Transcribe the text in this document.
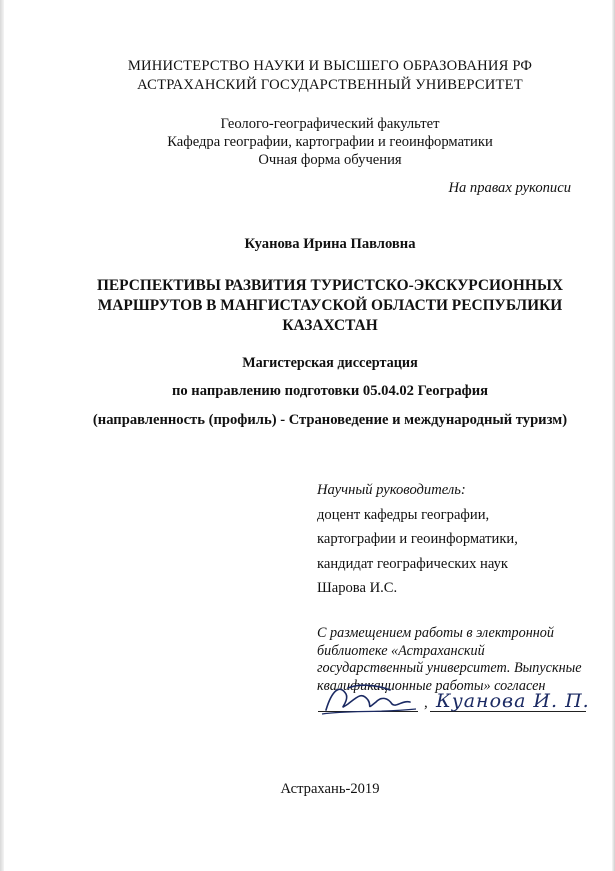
МИНИСТЕРСТВО НАУКИ И ВЫСШЕГО ОБРАЗОВАНИЯ РФ
АСТРАХАНСКИЙ ГОСУДАРСТВЕННЫЙ УНИВЕРСИТЕТ
Геолого-географический факультет
Кафедра географии, картографии и геоинформатики
Очная форма обучения
На правах рукописи
Куанова Ирина Павловна
ПЕРСПЕКТИВЫ РАЗВИТИЯ ТУРИСТСКО-ЭКСКУРСИОННЫХ
МАРШРУТОВ В МАНГИСТАУСКОЙ ОБЛАСТИ РЕСПУБЛИКИ
КАЗАХСТАН
Магистерская диссертация
по направлению подготовки 05.04.02 География
(направленность (профиль) - Страноведение и международный туризм)
Научный руководитель:
доцент кафедры географии,
картографии и геоинформатики,
кандидат географических наук
Шарова И.С.
С размещением работы в электронной
библиотеке «Астраханский
государственный университет. Выпускные
квалификационные работы» согласен
, Куанова И. П.
Астрахань-2019
